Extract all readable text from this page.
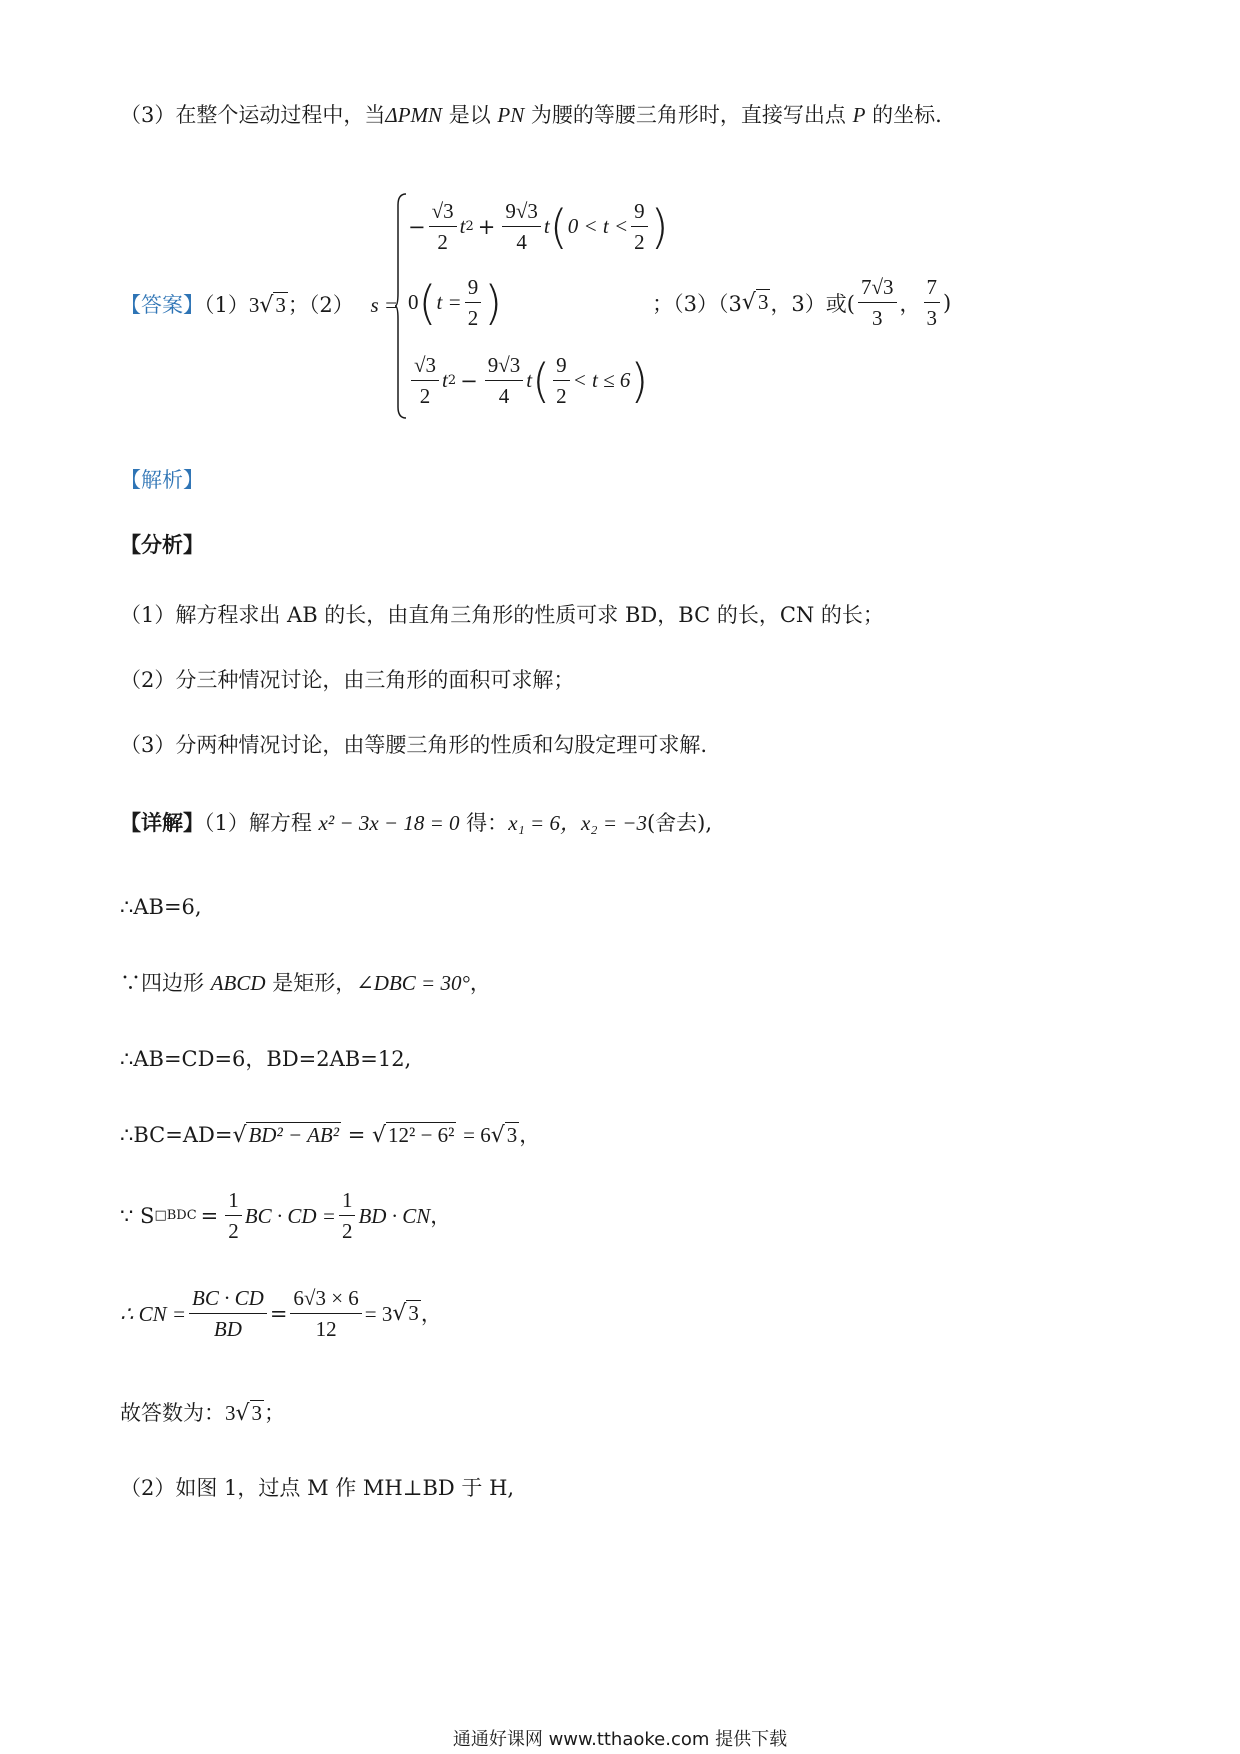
（3）在整个运动过程中，当ΔPMN 是以 PN 为腰的等腰三角形时，直接写出点 P 的坐标.
【答案】（1）3√3；（2） s =
− $\frac{√3}{2}$ t $2 + \frac{9√3}{4}$ t ( $0 < t < \frac{9}{2}$ )
0 ( $t = \frac{9}{2}$ )	；（3）（3 √3 ，3）或( $\frac{7√3}{3}$ ， $\frac{7}{3}$ )
$\frac{√3}{2}$ t $2 - \frac{9√3}{4}$ t ( $\frac{9}{2} < t \le 6$ )
【解析】
【分析】
（1）解方程求出 AB 的长，由直角三角形的性质可求 BD，BC 的长，CN 的长；
（2）分三种情况讨论，由三角形的面积可求解；
（3）分两种情况讨论，由等腰三角形的性质和勾股定理可求解.
【详解】（1）解方程 x² − 3x − 18 = 0 得：x₁ = 6，x₂ = −3(舍去),
∴AB=6,
∵四边形 ABCD 是矩形，∠DBC = 30°，
∴AB=CD=6，BD=2AB=12,
∴BC=AD=√BD² − AB² = √12² − 6² = 6√3，
∵ S □BDC = $\frac{1}{2}$ BC · CD = $\frac{1}{2}$ BD · CN ，
∴ CN = $\frac{BC \cdot CD}{BD} = \frac{6√3 \times 6}{12} = 3$ √3 ，
故答数为：3√3；
（2）如图 1，过点 M 作 MH⊥BD 于 H,
通通好课网 www.tthaoke.com 提供下载
